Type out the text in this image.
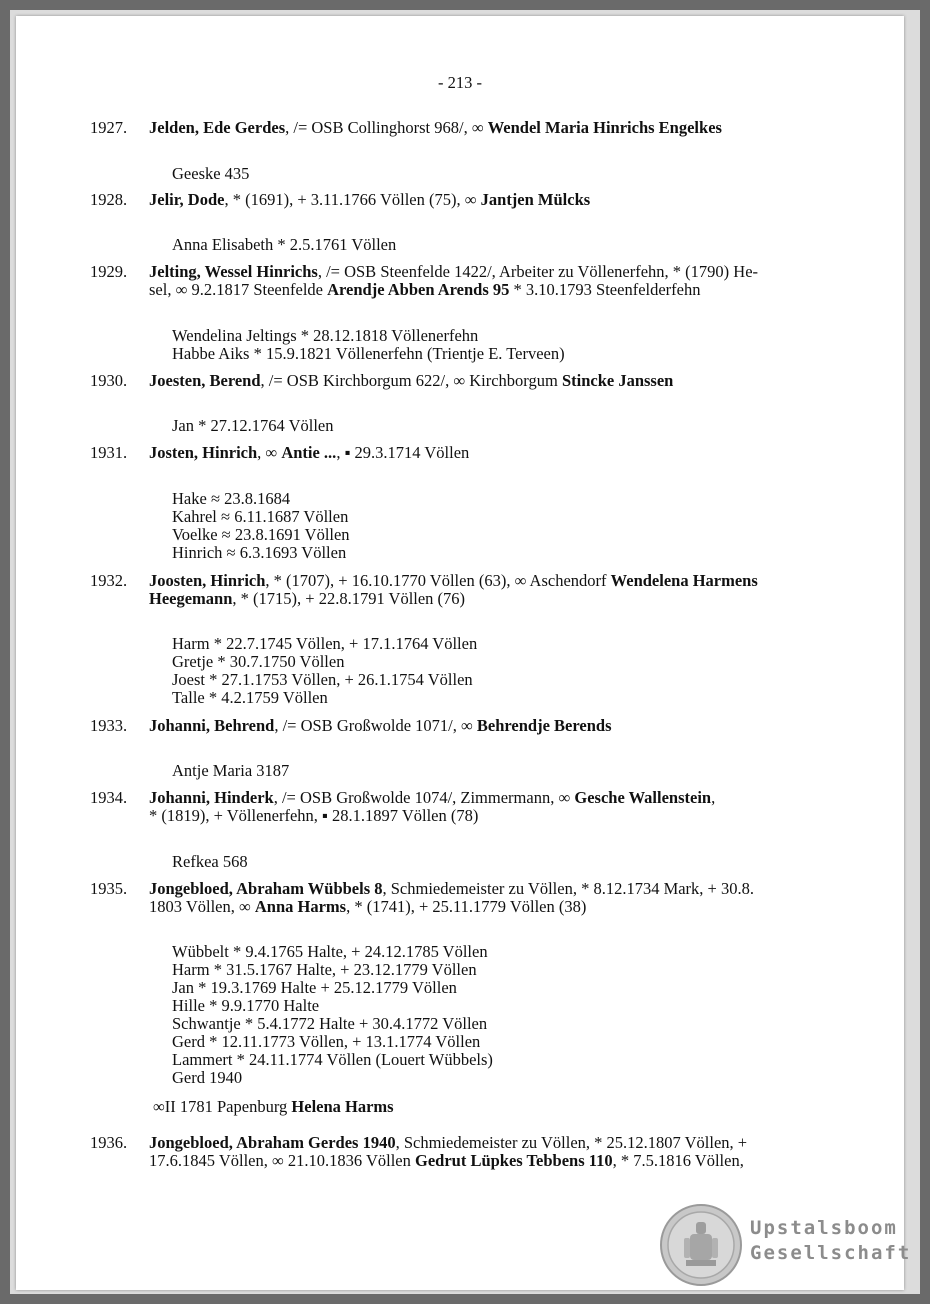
- 213 -
1927.	Jelden, Ede Gerdes, /= OSB Collinghorst 968/, ∞ Wendel Maria Hinrichs Engelkes
Geeske 435
1928.	Jelir, Dode, * (1691), + 3.11.1766 Völlen (75), ∞ Jantjen Mülcks
Anna Elisabeth * 2.5.1761 Völlen
1929.	Jelting, Wessel Hinrichs, /= OSB Steenfelde 1422/, Arbeiter zu Völlenerfehn, * (1790) He-
sel, ∞ 9.2.1817 Steenfelde Arendje Abben Arends 95 * 3.10.1793 Steenfelderfehn
Wendelina Jeltings * 28.12.1818 Völlenerfehn
Habbe Aiks * 15.9.1821 Völlenerfehn (Trientje E. Terveen)
1930.	Joesten, Berend, /= OSB Kirchborgum 622/, ∞ Kirchborgum Stincke Janssen
Jan * 27.12.1764 Völlen
1931.	Josten, Hinrich, ∞ Antie ..., ▪ 29.3.1714 Völlen
Hake ≈ 23.8.1684
Kahrel ≈ 6.11.1687 Völlen
Voelke ≈ 23.8.1691 Völlen
Hinrich ≈ 6.3.1693 Völlen
1932.	Joosten, Hinrich, * (1707), + 16.10.1770 Völlen (63), ∞ Aschendorf Wendelena Harmens
Heegemann, * (1715), + 22.8.1791 Völlen (76)
Harm * 22.7.1745 Völlen, + 17.1.1764 Völlen
Gretje * 30.7.1750 Völlen
Joest * 27.1.1753 Völlen, + 26.1.1754 Völlen
Talle * 4.2.1759 Völlen
1933.	Johanni, Behrend, /= OSB Großwolde 1071/, ∞ Behrendje Berends
Antje Maria 3187
1934.	Johanni, Hinderk, /= OSB Großwolde 1074/, Zimmermann, ∞ Gesche Wallenstein,
* (1819), + Völlenerfehn, ▪ 28.1.1897 Völlen (78)
Refkea 568
1935.	Jongebloed, Abraham Wübbels 8, Schmiedemeister zu Völlen, * 8.12.1734 Mark, + 30.8.
1803 Völlen, ∞ Anna Harms, * (1741), + 25.11.1779 Völlen (38)
Wübbelt * 9.4.1765 Halte, + 24.12.1785 Völlen
Harm * 31.5.1767 Halte, + 23.12.1779 Völlen
Jan * 19.3.1769 Halte + 25.12.1779 Völlen
Hille * 9.9.1770 Halte
Schwantje * 5.4.1772 Halte + 30.4.1772 Völlen
Gerd * 12.11.1773 Völlen, + 13.1.1774 Völlen
Lammert * 24.11.1774 Völlen (Louert Wübbels)
Gerd 1940
∞II 1781 Papenburg Helena Harms
1936.	Jongebloed, Abraham Gerdes 1940, Schmiedemeister zu Völlen, * 25.12.1807 Völlen, +
17.6.1845 Völlen, ∞ 21.10.1836 Völlen Gedrut Lüpkes Tebbens 110, * 7.5.1816 Völlen,
Upstalsboom
Gesellschaft
